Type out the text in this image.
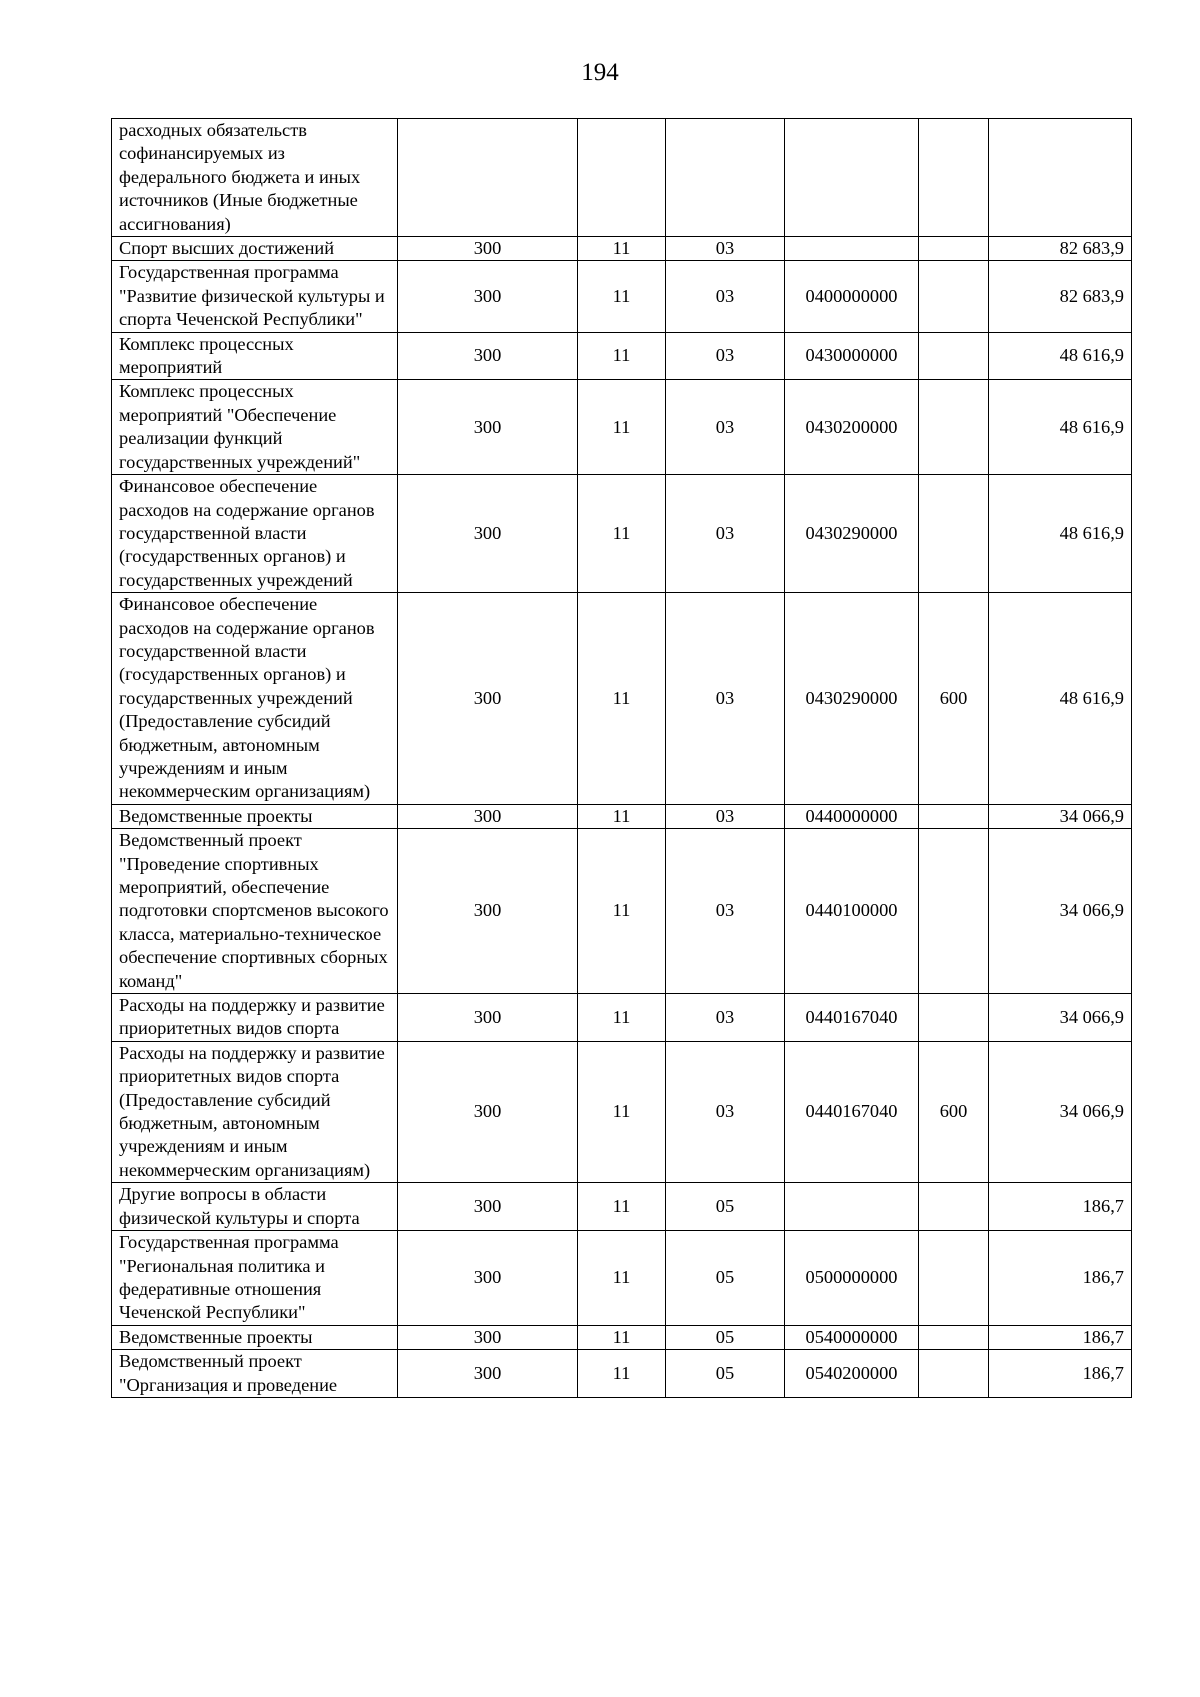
194
расходных обязательств софинансируемых из федерального бюджета и иных источников (Иные бюджетные ассигнования)						
Спорт высших достижений	300	11	03			82 683,9
Государственная программа "Развитие физической культуры и спорта Чеченской Республики"	300	11	03	0400000000		82 683,9
Комплекс процессных мероприятий	300	11	03	0430000000		48 616,9
Комплекс процессных мероприятий "Обеспечение реализации функций государственных учреждений"	300	11	03	0430200000		48 616,9
Финансовое обеспечение расходов на содержание органов государственной власти (государственных органов) и государственных учреждений	300	11	03	0430290000		48 616,9
Финансовое обеспечение расходов на содержание органов государственной власти (государственных органов) и государственных учреждений (Предоставление субсидий бюджетным, автономным учреждениям и иным некоммерческим организациям)	300	11	03	0430290000	600	48 616,9
Ведомственные проекты	300	11	03	0440000000		34 066,9
Ведомственный проект "Проведение спортивных мероприятий, обеспечение подготовки спортсменов высокого класса, материально-техническое обеспечение спортивных сборных команд"	300	11	03	0440100000		34 066,9
Расходы на поддержку и развитие приоритетных видов спорта	300	11	03	0440167040		34 066,9
Расходы на поддержку и развитие приоритетных видов спорта (Предоставление субсидий бюджетным, автономным учреждениям и иным некоммерческим организациям)	300	11	03	0440167040	600	34 066,9
Другие вопросы в области физической культуры и спорта	300	11	05			186,7
Государственная программа "Региональная политика и федеративные отношения Чеченской Республики"	300	11	05	0500000000		186,7
Ведомственные проекты	300	11	05	0540000000		186,7
Ведомственный проект "Организация и проведение	300	11	05	0540200000		186,7
